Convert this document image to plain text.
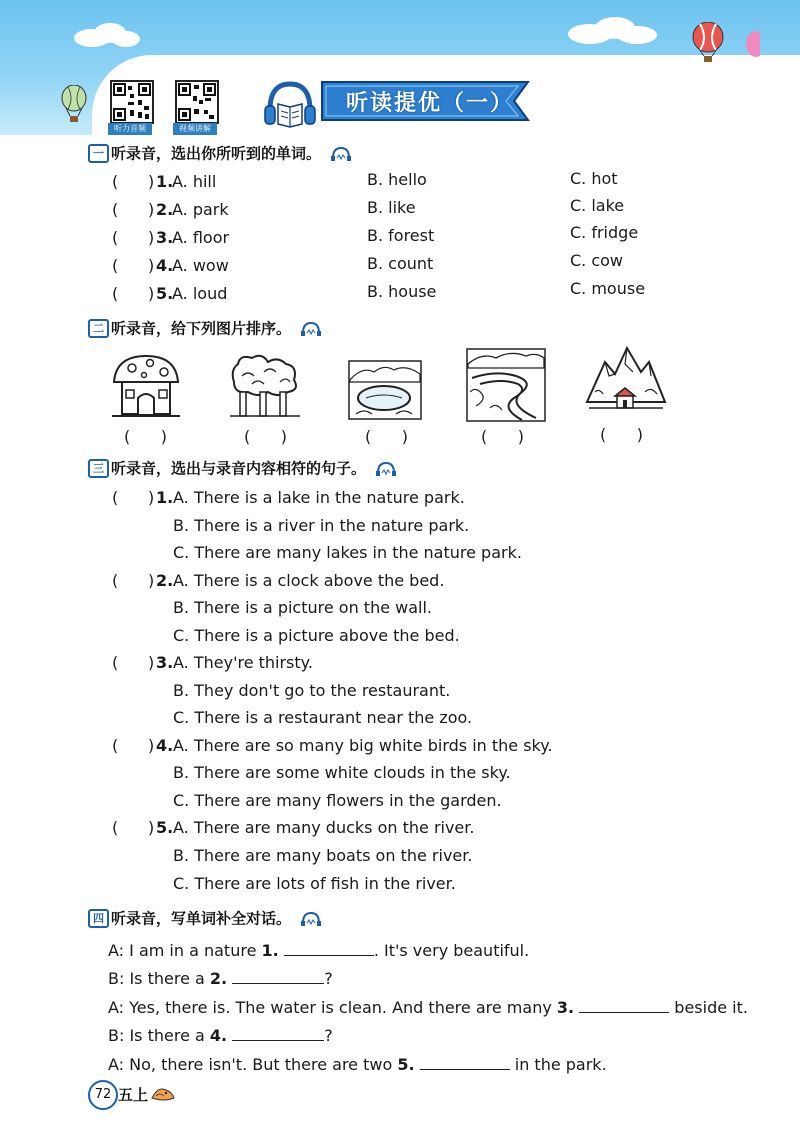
听力音频	视频讲解
听读提优（一）
一 听录音，选出你所听到的单词。
( ) 1.
A. hill	B. hello	C. hot
( ) 2.
A. park	B. like	C. lake
( ) 3.
A. floor	B. forest	C. fridge
( ) 4.
A. wow	B. count	C. cow
( ) 5.
A. loud	B. house	C. mouse
二 听录音，给下列图片排序。
(      )	(      )	(      )	(      )	(      )
三 听录音，选出与录音内容相符的句子。
( ) 1. A. There is a lake in the nature park.
B. There is a river in the nature park.
C. There are many lakes in the nature park.
( ) 2. A. There is a clock above the bed.
B. There is a picture on the wall.
C. There is a picture above the bed.
( ) 3. A. They're thirsty.
B. They don't go to the restaurant.
C. There is a restaurant near the zoo.
( ) 4. A. There are so many big white birds in the sky.
B. There are some white clouds in the sky.
C. There are many flowers in the garden.
( ) 5. A. There are many ducks on the river.
B. There are many boats on the river.
C. There are lots of fish in the river.
四 听录音，写单词补全对话。
A: I am in a nature 1.	. It's very beautiful.
B: Is there a 2.	?
A: Yes, there is. The water is clean. And there are many 3.	beside it.
B: Is there a 4.	?
A: No, there isn't. But there are two 5.	in the park.
72 五上
